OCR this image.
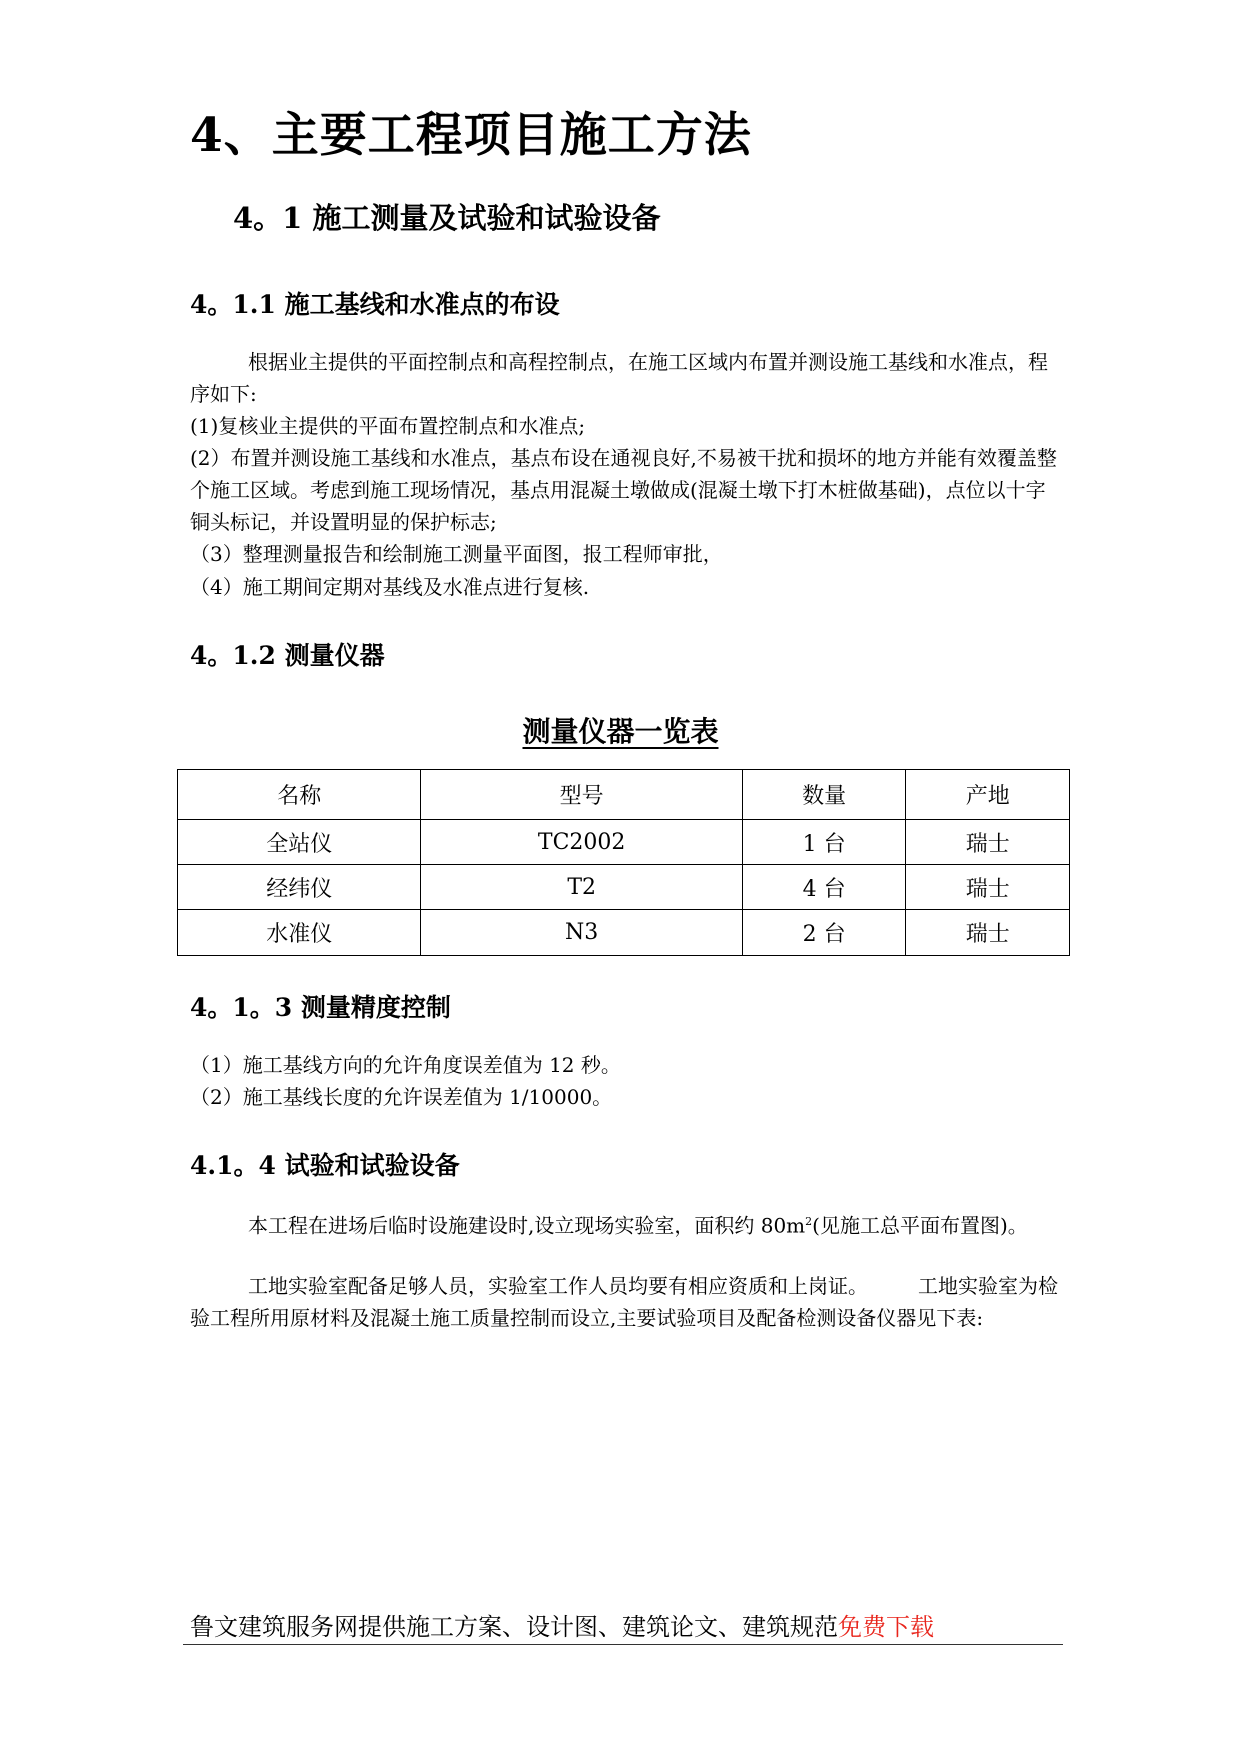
4、主要工程项目施工方法
4。1 施工测量及试验和试验设备
4。1.1 施工基线和水准点的布设
根据业主提供的平面控制点和高程控制点，在施工区域内布置并测设施工基线和水准点，程序如下:
(1)复核业主提供的平面布置控制点和水准点;
(2）布置并测设施工基线和水准点，基点布设在通视良好,不易被干扰和损坏的地方并能有效覆盖整个施工区域。考虑到施工现场情况，基点用混凝土墩做成(混凝土墩下打木桩做基础)，点位以十字铜头标记，并设置明显的保护标志;
（3）整理测量报告和绘制施工测量平面图，报工程师审批，
（4）施工期间定期对基线及水准点进行复核.
4。1.2 测量仪器
测量仪器一览表
名称	型号	数量	产地
全站仪	TC2002	1 台	瑞士
经纬仪	T2	4 台	瑞士
水准仪	N3	2 台	瑞士
4。1。3 测量精度控制
（1）施工基线方向的允许角度误差值为 12 秒。
（2）施工基线长度的允许误差值为 1/10000。
4.1。4 试验和试验设备
本工程在进场后临时设施建设时,设立现场实验室，面积约 $80m^2$(见施工总平面布置图)。
工地实验室配备足够人员，实验室工作人员均要有相应资质和上岗证。　　　工地实验室为检验工程所用原材料及混凝土施工质量控制而设立,主要试验项目及配备检测设备仪器见下表:
鲁文建筑服务网提供施工方案、设计图、建筑论文、建筑规范免费下载
